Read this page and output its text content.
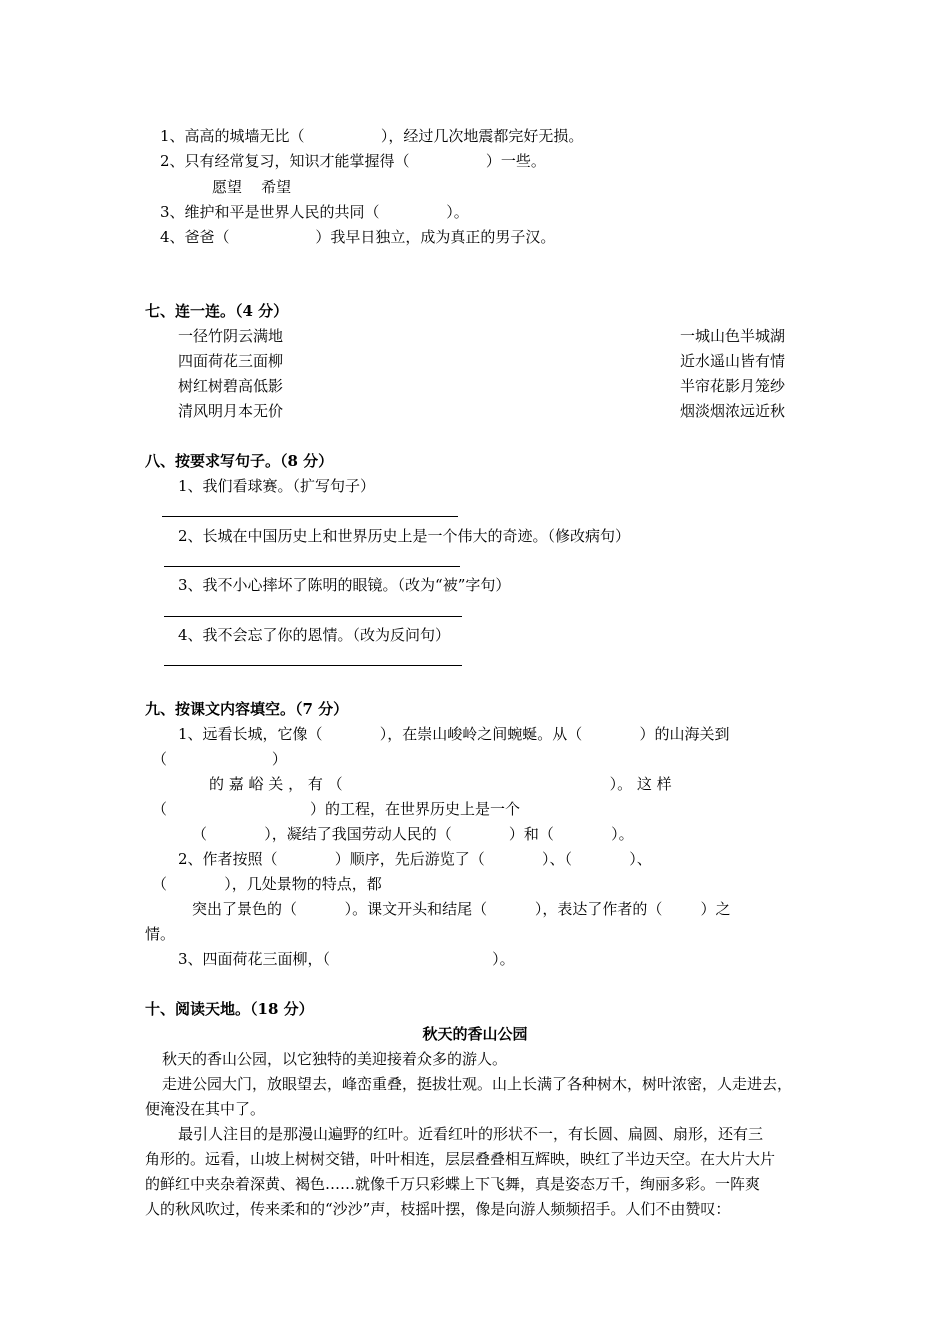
1、高高的城墙无比（                ），经过几次地震都完好无损。
2、只有经常复习，知识才能掌握得（                ）一些。
愿望    希望
3、维护和平是世界人民的共同（              ）。
4、爸爸（                  ）我早日独立，成为真正的男子汉。
七、连一连。（4 分）
一径竹阴云满地
四面荷花三面柳
树红树碧高低影
清风明月本无价
一城山色半城湖
近水遥山皆有情
半帘花影月笼纱
烟淡烟浓远近秋
八、按要求写句子。（8 分）
1、我们看球赛。（扩写句子）
2、长城在中国历史上和世界历史上是一个伟大的奇迹。（修改病句）
3、我不小心摔坏了陈明的眼镜。（改为“被”字句）
4、我不会忘了你的恩情。（改为反问句）
九、按课文内容填空。（7 分）
1、远看长城，它像（            ），在崇山峻岭之间蜿蜒。从（            ）的山海关到
（                      ）
的 嘉 峪 关 ， 有 （                                                        ）。 这 样
（                              ）的工程，在世界历史上是一个
（            ），凝结了我国劳动人民的（            ）和（            ）。
2、作者按照（            ）顺序，先后游览了（            ）、（            ）、
（            ），几处景物的特点，都
突出了景色的（          ）。课文开头和结尾（          ），表达了作者的（        ）之
情。
3、四面荷花三面柳，（                                  ）。
十、阅读天地。（18 分）
秋天的香山公园
秋天的香山公园，以它独特的美迎接着众多的游人。
走进公园大门，放眼望去，峰峦重叠，挺拔壮观。山上长满了各种树木，树叶浓密，人走进去，
便淹没在其中了。
最引人注目的是那漫山遍野的红叶。近看红叶的形状不一，有长圆、扁圆、扇形，还有三
角形的。远看，山坡上树树交错，叶叶相连，层层叠叠相互辉映，映红了半边天空。在大片大片
的鲜红中夹杂着深黄、褐色……就像千万只彩蝶上下飞舞，真是姿态万千，绚丽多彩。一阵爽
人的秋风吹过，传来柔和的“沙沙”声，枝摇叶摆，像是向游人频频招手。人们不由赞叹：
